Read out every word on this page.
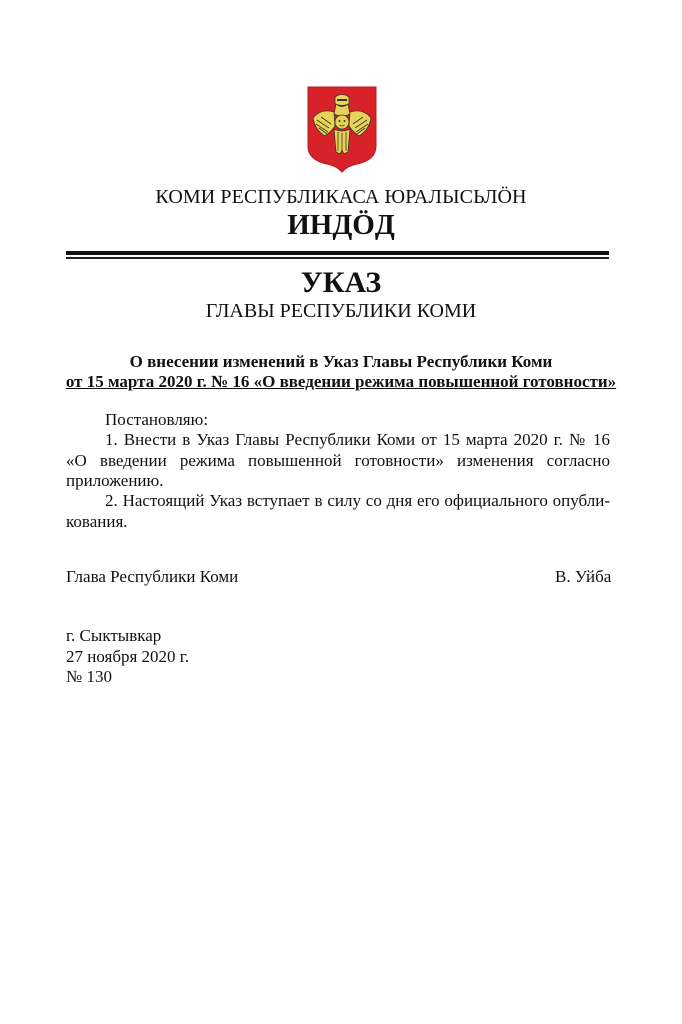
КОМИ РЕСПУБЛИКАСА ЮРАЛЫСЬЛӦН
ИНДӦД
УКАЗ
ГЛАВЫ РЕСПУБЛИКИ КОМИ
О внесении изменений в Указ Главы Республики Коми
от 15 марта 2020 г. № 16 «О введении режима повышенной готовности»
Постановляю:
1. Внести в Указ Главы Республики Коми от 15 марта 2020 г. № 16 «О введении режима повышенной готовности» изменения согласно приложению.
2. Настоящий Указ вступает в силу со дня его официального опубликования.
Глава Республики Коми	В. Уйба
г. Сыктывкар
27 ноября 2020 г.
№ 130
